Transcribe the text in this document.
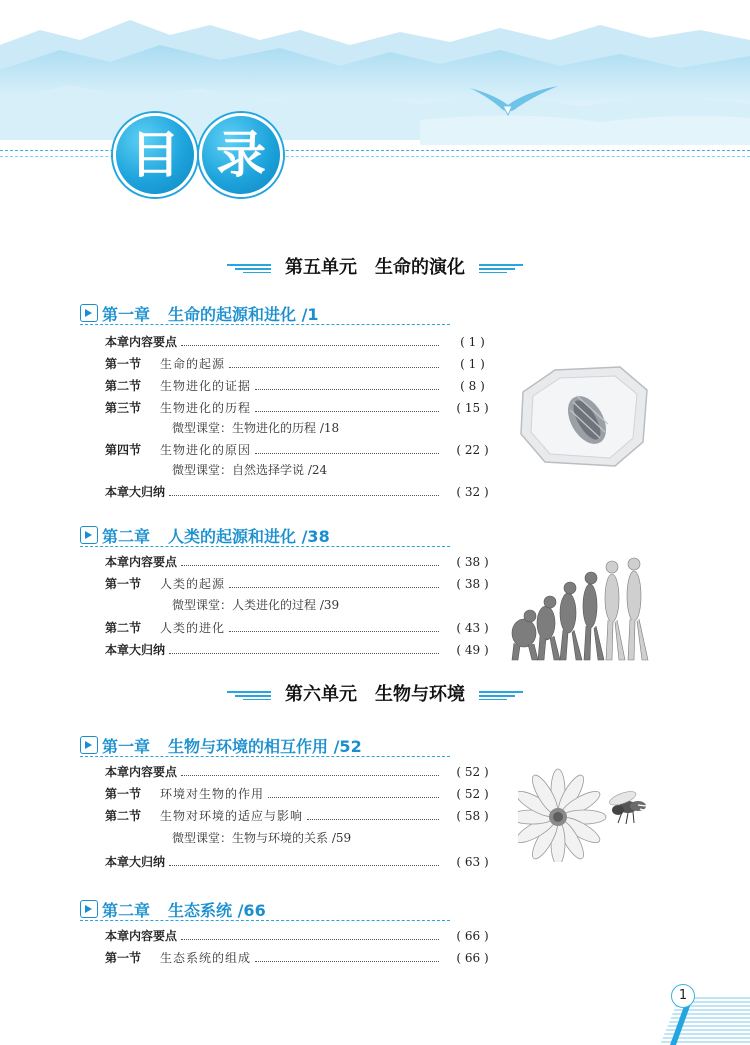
目 录
第五单元　生命的演化
第一章 生命的起源和进化 /1
本章内容要点	( 1 )
第一节	生命的起源	( 1 )
第二节	生物进化的证据	( 8 )
第三节	生物进化的历程	( 15 )
微型课堂：生物进化的历程 /18
第四节	生物进化的原因	( 22 )
微型课堂：自然选择学说 /24
本章大归纳	( 32 )
第二章 人类的起源和进化 /38
本章内容要点	( 38 )
第一节	人类的起源	( 38 )
微型课堂：人类进化的过程 /39
第二节	人类的进化	( 43 )
本章大归纳	( 49 )
第六单元　生物与环境
第一章 生物与环境的相互作用 /52
本章内容要点	( 52 )
第一节	环境对生物的作用	( 52 )
第二节	生物对环境的适应与影响	( 58 )
微型课堂：生物与环境的关系 /59
本章大归纳	( 63 )
第二章 生态系统 /66
本章内容要点	( 66 )
第一节	生态系统的组成	( 66 )
1
